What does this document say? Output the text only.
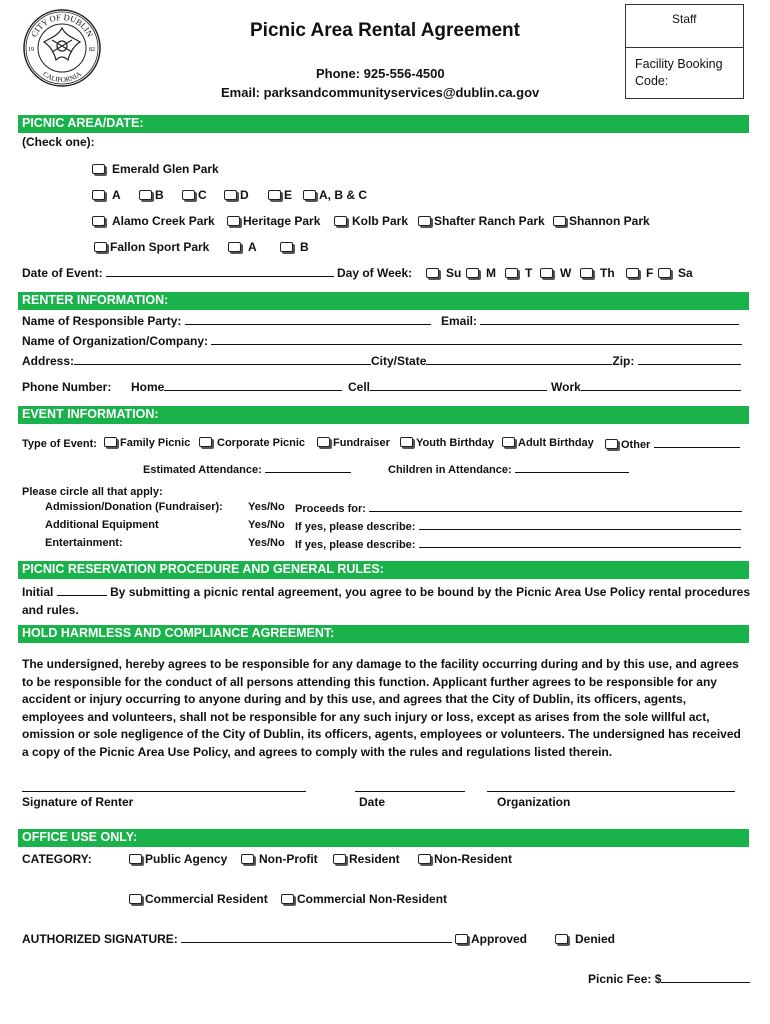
CITY OF DUBLIN
CALIFORNIA
19	82
Picnic Area Rental Agreement
Phone: 925-556-4500
Email: parksandcommunityservices@dublin.ca.gov
Staff
Facility Booking
Code:
PICNIC AREA/DATE:
(Check one):
Emerald Glen Park
A	B	C	D	E	A, B & C
Alamo Creek Park	Heritage Park	Kolb Park	Shafter Ranch Park	Shannon Park
Fallon Sport Park	A	B
Date of Event:	Day of Week:	Su	M	T	W	Th	F	Sa
RENTER INFORMATION:
Name of Responsible Party:	Email:
Name of Organization/Company:
Address:	City/State	Zip:
Phone Number: Home	Cell	Work
EVENT INFORMATION:
Type of Event:	Family Picnic	Corporate Picnic	Fundraiser	Youth Birthday	Adult Birthday	Other
Estimated Attendance:	Children in Attendance:
Please circle all that apply:
Admission/Donation (Fundraiser): Yes/No Proceeds for:
Additional Equipment	Yes/No If yes, please describe:
Entertainment:	Yes/No If yes, please describe:
PICNIC RESERVATION PROCEDURE AND GENERAL RULES:
Initial	By submitting a picnic rental agreement, you agree to be bound by the Picnic Area Use Policy rental procedures and rules.
HOLD HARMLESS AND COMPLIANCE AGREEMENT:
The undersigned, hereby agrees to be responsible for any damage to the facility occurring during and by this use, and agrees to be responsible for the conduct of all persons attending this function. Applicant further agrees to be responsible for any accident or injury occurring to anyone during and by this use, and agrees that the City of Dublin, its officers, agents, employees and volunteers, shall not be responsible for any such injury or loss, except as arises from the sole willful act, omission or sole negligence of the City of Dublin, its officers, agents, employees or volunteers. The undersigned has received a copy of the Picnic Area Use Policy, and agrees to comply with the rules and regulations listed therein.
Signature of Renter	Date	Organization
OFFICE USE ONLY:
CATEGORY:	Public Agency	Non-Profit	Resident	Non-Resident
Commercial Resident	Commercial Non-Resident
AUTHORIZED SIGNATURE:	Approved	Denied
Picnic Fee: $
